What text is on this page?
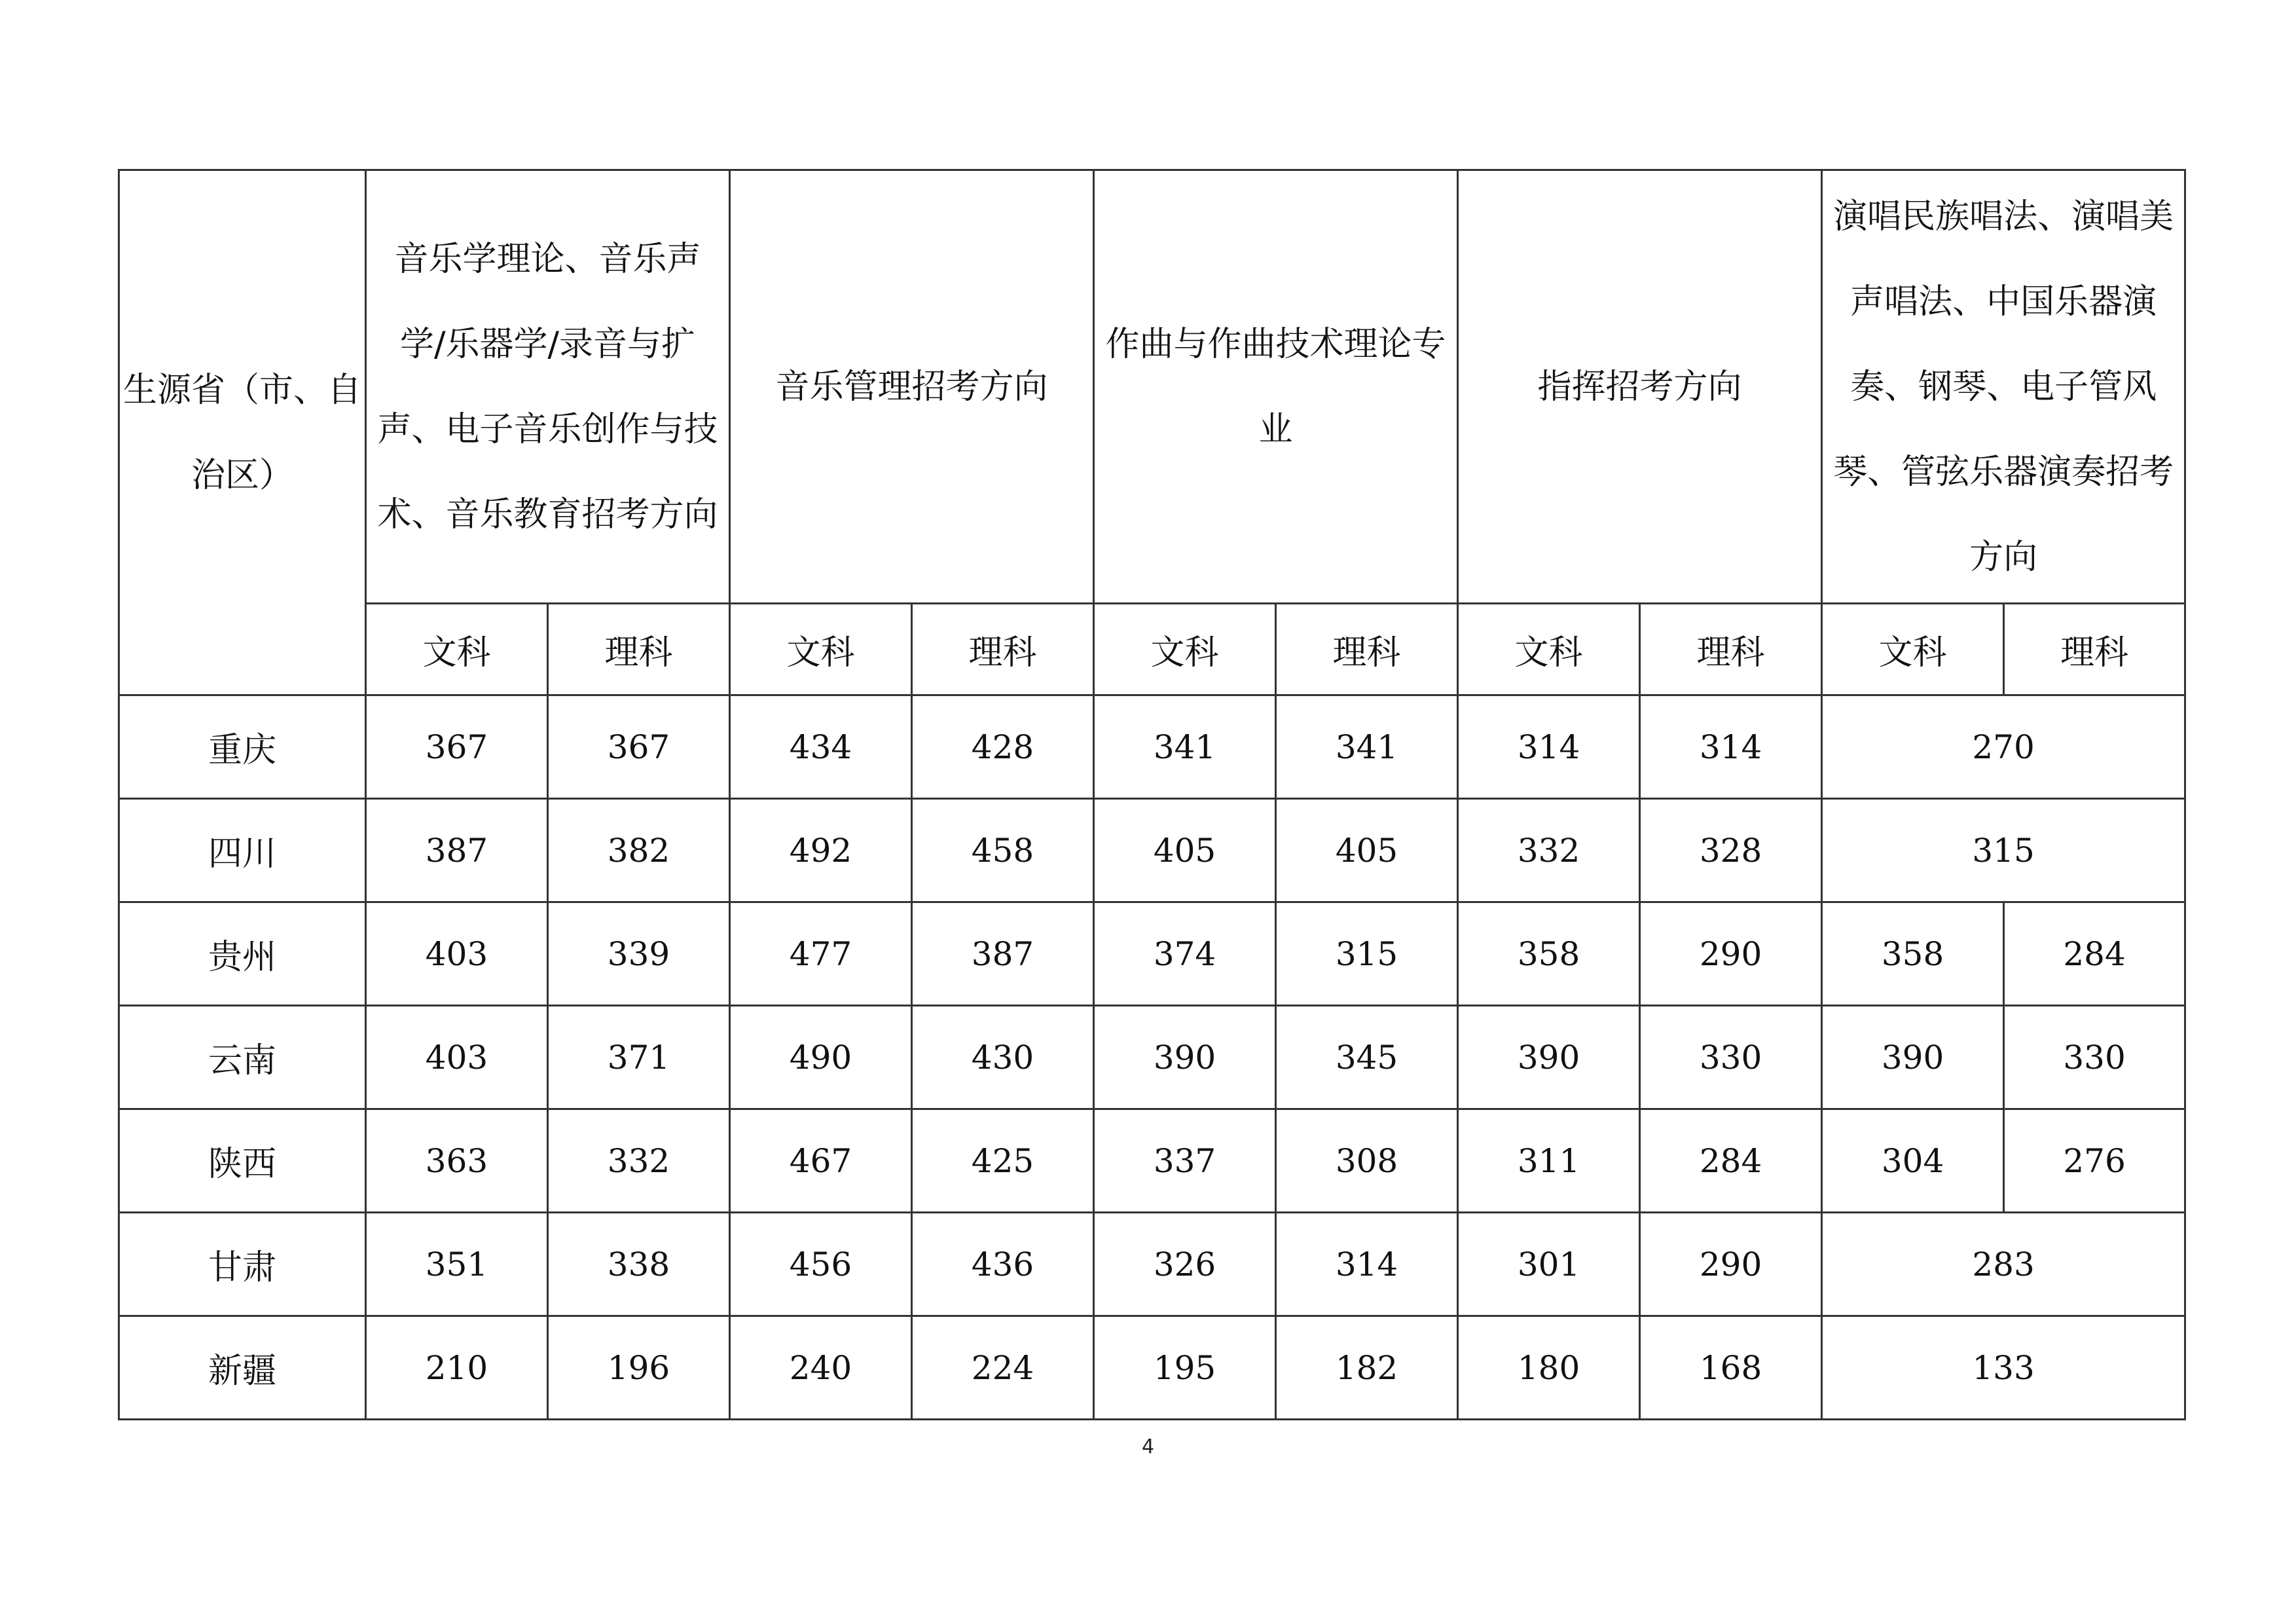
生源省（市、自治区）	音乐学理论、音乐声学/乐器学/录音与扩声、电子音乐创作与技术、音乐教育招考方向		音乐管理招考方向		作曲与作曲技术理论专业		指挥招考方向		演唱民族唱法、演唱美声唱法、中国乐器演奏、钢琴、电子管风琴、管弦乐器演奏招考方向	
	文科	理科	文科	理科	文科	理科	文科	理科	文科	理科
重庆	367	367	434	428	341	341	314	314	270	
四川	387	382	492	458	405	405	332	328	315	
贵州	403	339	477	387	374	315	358	290	358	284
云南	403	371	490	430	390	345	390	330	390	330
陕西	363	332	467	425	337	308	311	284	304	276
甘肃	351	338	456	436	326	314	301	290	283	
新疆	210	196	240	224	195	182	180	168	133	
4
